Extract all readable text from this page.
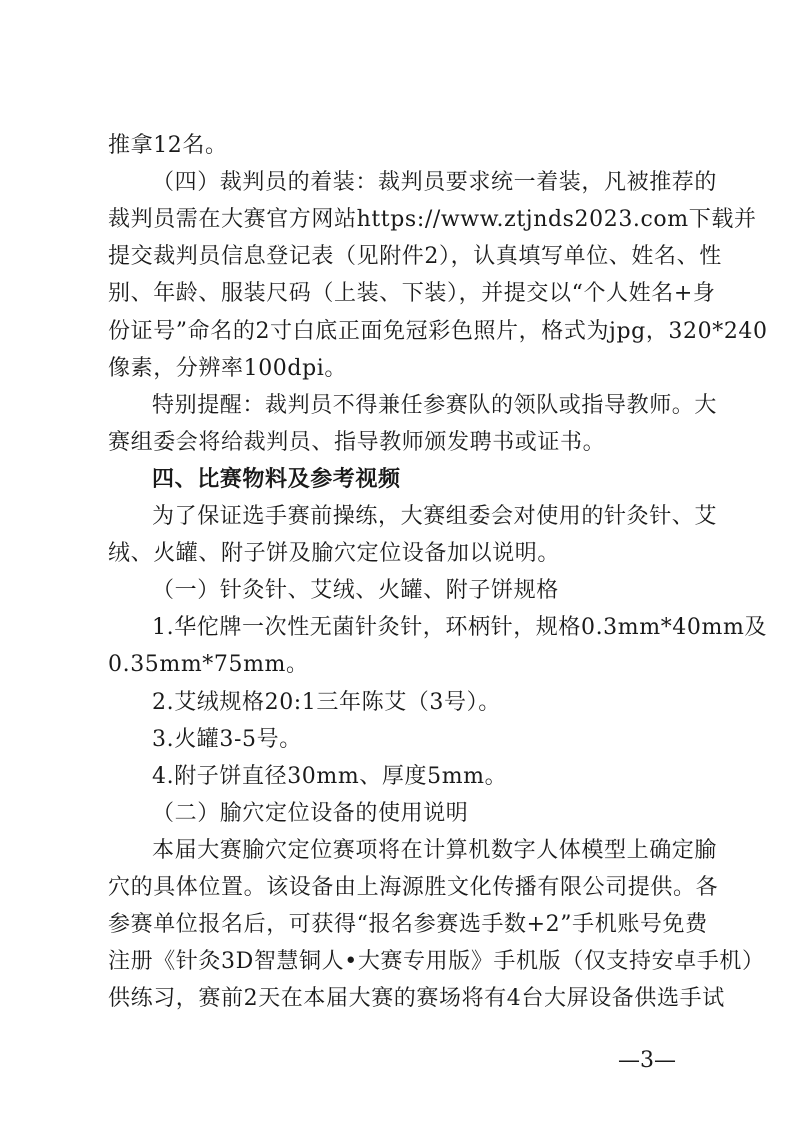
推拿12名。
（四）裁判员的着装：裁判员要求统一着装，凡被推荐的
裁判员需在大赛官方网站https://www.ztjnds2023.com下载并
提交裁判员信息登记表（见附件2），认真填写单位、姓名、性
别、年龄、服装尺码（上装、下装），并提交以“个人姓名+身
份证号”命名的2寸白底正面免冠彩色照片，格式为jpg，320*240
像素，分辨率100dpi。
特别提醒：裁判员不得兼任参赛队的领队或指导教师。大
赛组委会将给裁判员、指导教师颁发聘书或证书。
四、比赛物料及参考视频
为了保证选手赛前操练，大赛组委会对使用的针灸针、艾
绒、火罐、附子饼及腧穴定位设备加以说明。
（一）针灸针、艾绒、火罐、附子饼规格
1.华佗牌一次性无菌针灸针，环柄针，规格0.3mm*40mm及
0.35mm*75mm。
2.艾绒规格20:1三年陈艾（3号）。
3.火罐3-5号。
4.附子饼直径30mm、厚度5mm。
（二）腧穴定位设备的使用说明
本届大赛腧穴定位赛项将在计算机数字人体模型上确定腧
穴的具体位置。该设备由上海源胜文化传播有限公司提供。各
参赛单位报名后，可获得“报名参赛选手数+2”手机账号免费
注册《针灸3D智慧铜人•大赛专用版》手机版（仅支持安卓手机）
供练习，赛前2天在本届大赛的赛场将有4台大屏设备供选手试
—3—
